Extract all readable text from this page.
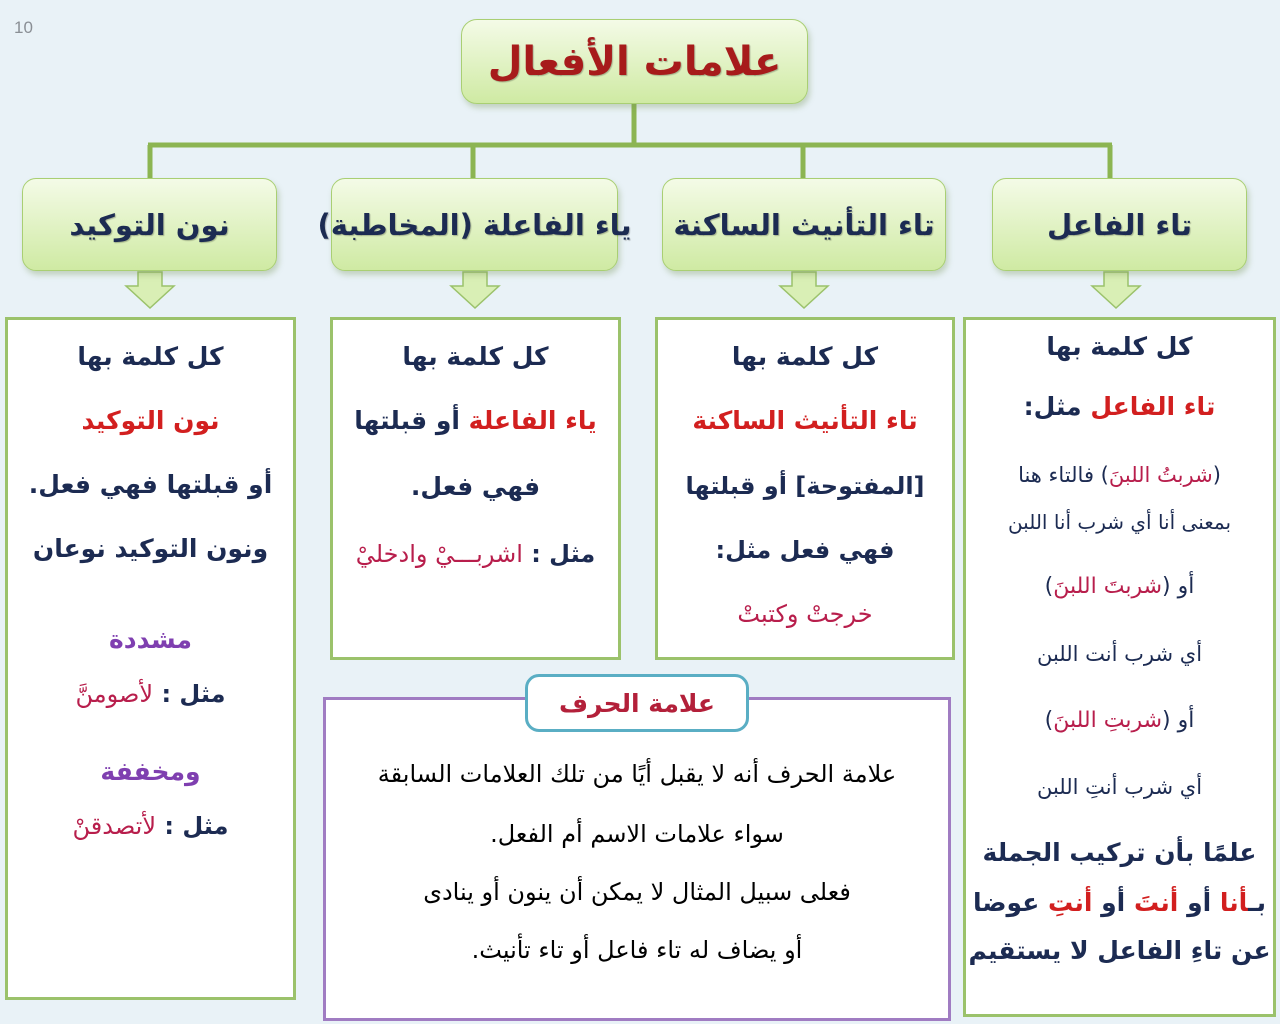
10
علامات الأفعال
تاء الفاعل
تاء التأنيث الساكنة
ياء الفاعلة (المخاطبة)
نون التوكيد
كل كلمة بها
تاء الفاعل مثل:
(شربتُ اللبنَ) فالتاء هنا
بمعنى أنا أي شرب أنا اللبن
أو (شربتَ اللبنَ)
أي شرب أنت اللبن
أو (شربتِ اللبنَ)
أي شرب أنتِ اللبن
علمًا بأن تركيب الجملة
بـأنا أو أنتَ أو أنتِ عوضا
عن تاءِ الفاعل لا يستقيم
كل كلمة بها
تاء التأنيث الساكنة
[المفتوحة] أو قبلتها
فهي فعل مثل:
خرجتْ وكتبتْ
كل كلمة بها
ياء الفاعلة أو قبلتها
فهي فعل.
مثل : اشربـــيْ وادخليْ
كل كلمة بها
نون التوكيد
أو قبلتها فهي فعل.
ونون التوكيد نوعان
مشددة
مثل : لأصومنَّ
ومخففة
مثل : لأتصدقنْ
علامة الحرف أنه لا يقبل أيًا من تلك العلامات السابقة
سواء علامات الاسم أم الفعل.
فعلى سبيل المثال لا يمكن أن ينون أو ينادى
أو يضاف له تاء فاعل أو تاء تأنيث.
علامة الحرف
